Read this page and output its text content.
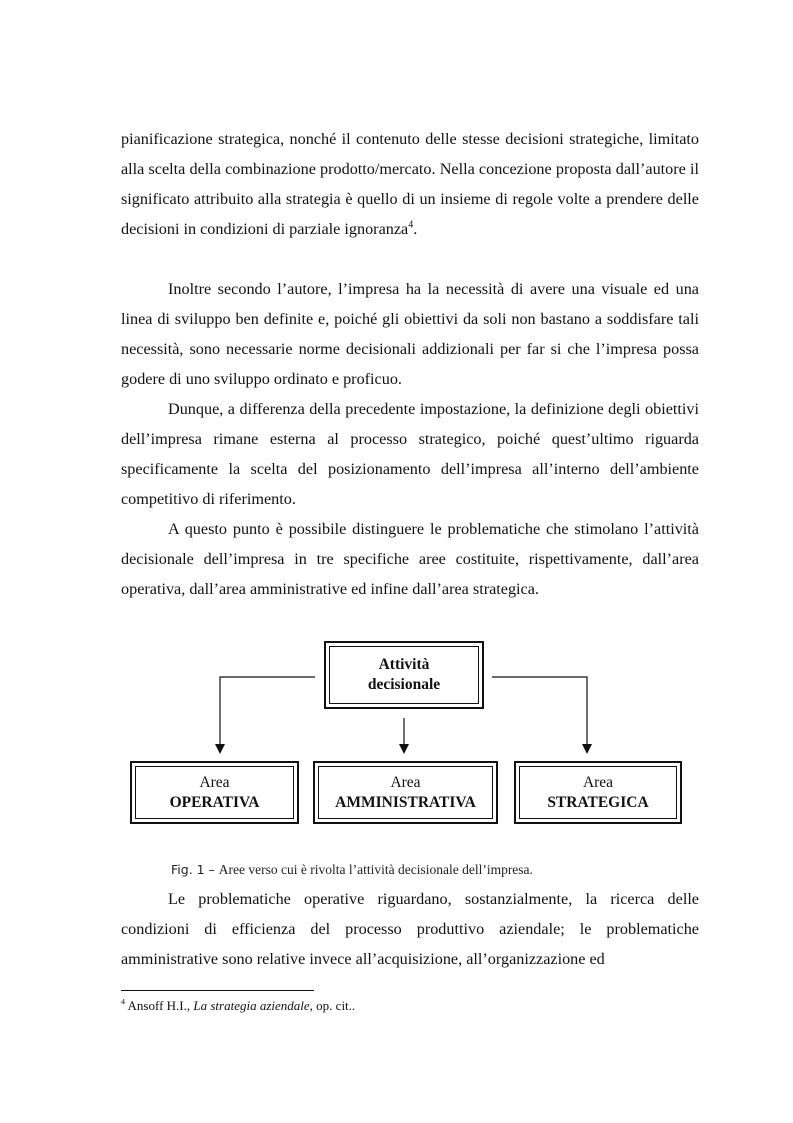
pianificazione strategica, nonché il contenuto delle stesse decisioni strategiche, limitato alla scelta della combinazione prodotto/mercato. Nella concezione proposta dall’autore il significato attribuito alla strategia è quello di un insieme di regole volte a prendere delle decisioni in condizioni di parziale ignoranza$^4$.

Inoltre secondo l’autore, l’impresa ha la necessità di avere una visuale ed una linea di sviluppo ben definite e, poiché gli obiettivi da soli non bastano a soddisfare tali necessità, sono necessarie norme decisionali addizionali per far si che l’impresa possa godere di uno sviluppo ordinato e proficuo.

Dunque, a differenza della precedente impostazione, la definizione degli obiettivi dell’impresa rimane esterna al processo strategico, poiché quest’ultimo riguarda specificamente la scelta del posizionamento dell’impresa all’interno dell’ambiente competitivo di riferimento.

A questo punto è possibile distinguere le problematiche che stimolano l’attività decisionale dell’impresa in tre specifiche aree costituite, rispettivamente, dall’area operativa, dall’area amministrative ed infine dall’area strategica.

Attività
decisionale
Area
OPERATIVA
Area
AMMINISTRATIVA
Area
STRATEGICA
Fig. 1 – Aree verso cui è rivolta l’attività decisionale dell’impresa.

Le problematiche operative riguardano, sostanzialmente, la ricerca delle condizioni di efficienza del processo produttivo aziendale; le problematiche amministrative sono relative invece all’acquisizione, all’organizzazione ed

$^4$ Ansoff H.I., La strategia aziendale, op. cit..
